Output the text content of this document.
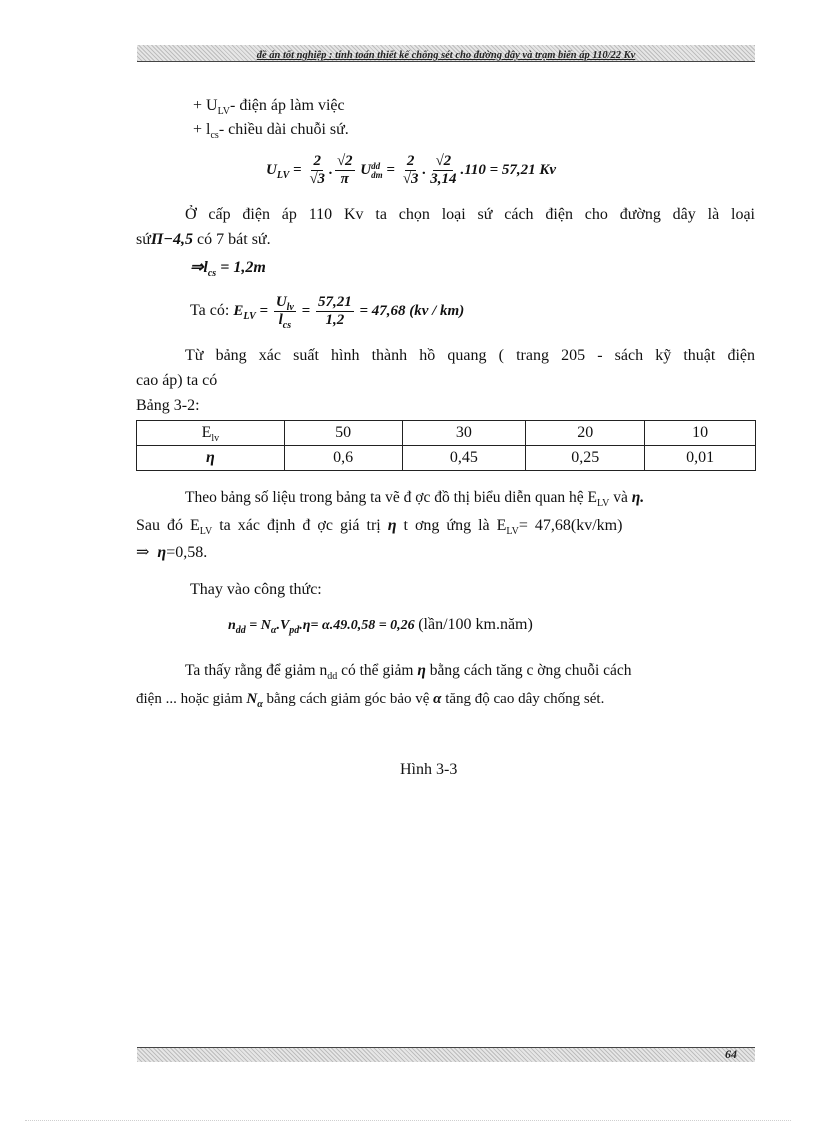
đề án tốt nghiệp : tính toán thiết kế chống sét cho đường dây và trạm biến áp 110/22 Kv
+ $U_{LV}-$ điện áp làm việc
+ $l_{cs}-$ chiều dài chuỗi sứ.
$U_{LV} = \frac{2}{√3}$ . $\frac{√2}{\pi}$ U dd
dm = $\frac{2}{√3}$ . $\frac{√2}{3,14} .110 = 57,21$ Kv
Ở cấp điện áp 110 Kv ta chọn loại sứ cách điện cho đường dây là loại
sứП−4,5 có 7 bát sứ.
$\Rightarrow l_{cs} = 1,2m$
Ta có: $E_{LV} = \frac{U_{lv}}{l_{cs}} = \frac{57,21}{1,2} = 47,68$ (kv / km)
Từ bảng xác suất hình thành hồ quang ( trang 205 - sách kỹ thuật điện
cao áp) ta có
Bảng 3-2:
$E_{lv}$	50	30	20	10
η	0,6	0,45	0,25	0,01
Theo bảng số liệu trong bảng ta vẽ đ ợc đồ thị biểu diễn quan hệ $E_{LV}$ và η.
Sau đó $E_{LV}$ ta xác định đ ợc giá trị η t ơng ứng là $E_{LV}= 47,68(kv/km)$
⇒ η=0,58.
Thay vào công thức:
$n_{dd} = N_\alpha.V_{pd}.\eta= \alpha.49.0,58 = 0,26$ (lần/100 km.năm)
Ta thấy rằng để giảm $n_{dd}$ có thể giảm η bằng cách tăng c ờng chuỗi cách
điện ... hoặc giảm $N_\alpha$ bằng cách giảm góc bảo vệ α tăng độ cao dây chống sét.
Hình 3-3
64
